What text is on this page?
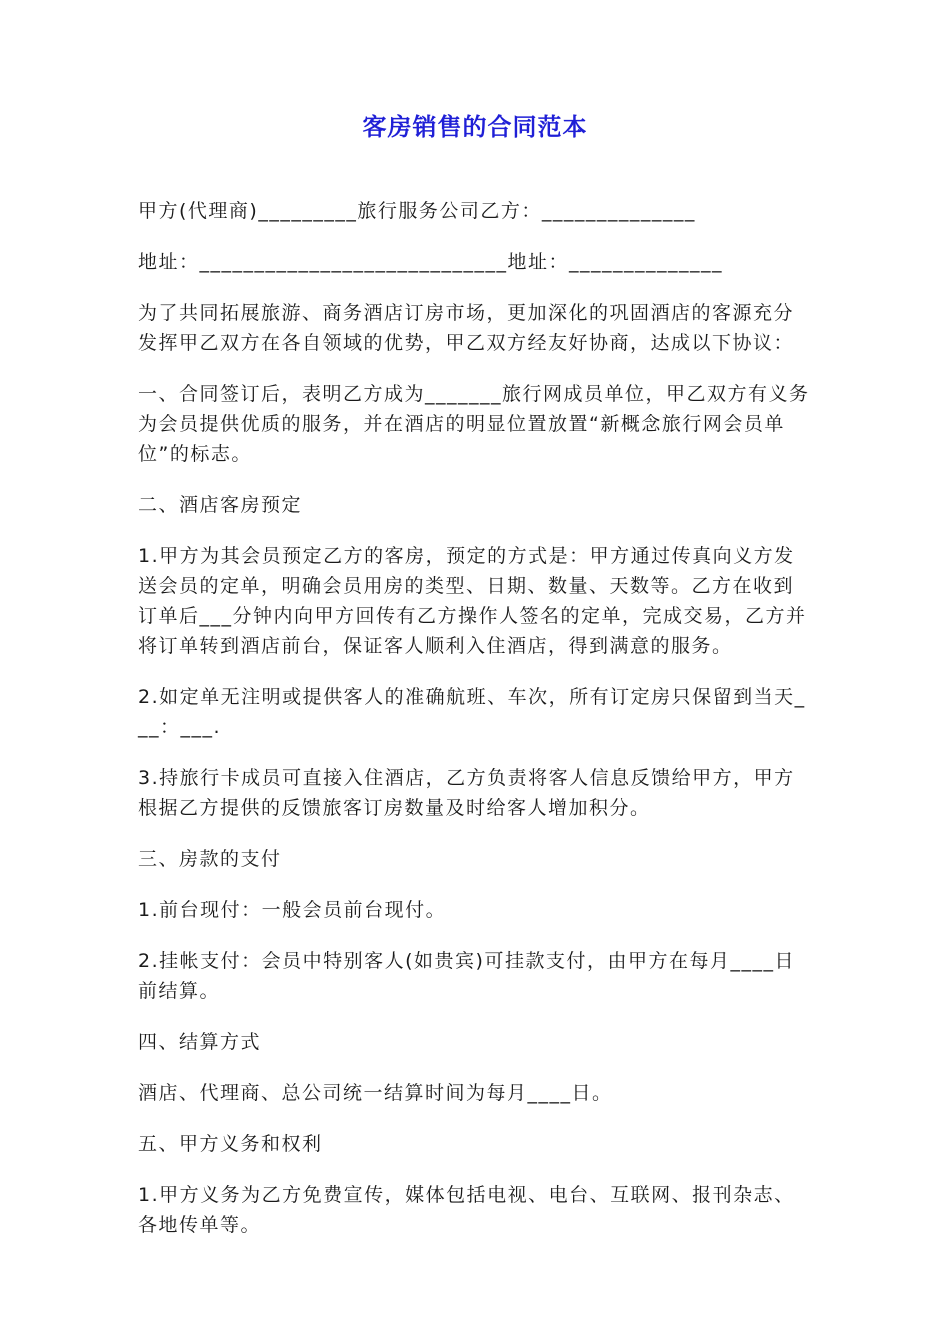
客房销售的合同范本

甲方(代理商)_________旅行服务公司乙方：______________

地址：____________________________地址：______________

为了共同拓展旅游、商务酒店订房市场，更加深化的巩固酒店的客源充分发挥甲乙双方在各自领域的优势，甲乙双方经友好协商，达成以下协议：

一、合同签订后，表明乙方成为_______旅行网成员单位，甲乙双方有义务为会员提供优质的服务，并在酒店的明显位置放置“新概念旅行网会员单位”的标志。

二、酒店客房预定

1.甲方为其会员预定乙方的客房，预定的方式是：甲方通过传真向义方发送会员的定单，明确会员用房的类型、日期、数量、天数等。乙方在收到订单后___分钟内向甲方回传有乙方操作人签名的定单，完成交易，乙方并将订单转到酒店前台，保证客人顺利入住酒店，得到满意的服务。

2.如定单无注明或提供客人的准确航班、车次，所有订定房只保留到当天___：___.

3.持旅行卡成员可直接入住酒店，乙方负责将客人信息反馈给甲方，甲方根据乙方提供的反馈旅客订房数量及时给客人增加积分。

三、房款的支付

1.前台现付：一般会员前台现付。

2.挂帐支付：会员中特别客人(如贵宾)可挂款支付，由甲方在每月____日前结算。

四、结算方式

酒店、代理商、总公司统一结算时间为每月____日。

五、甲方义务和权利

1.甲方义务为乙方免费宣传，媒体包括电视、电台、互联网、报刊杂志、各地传单等。
